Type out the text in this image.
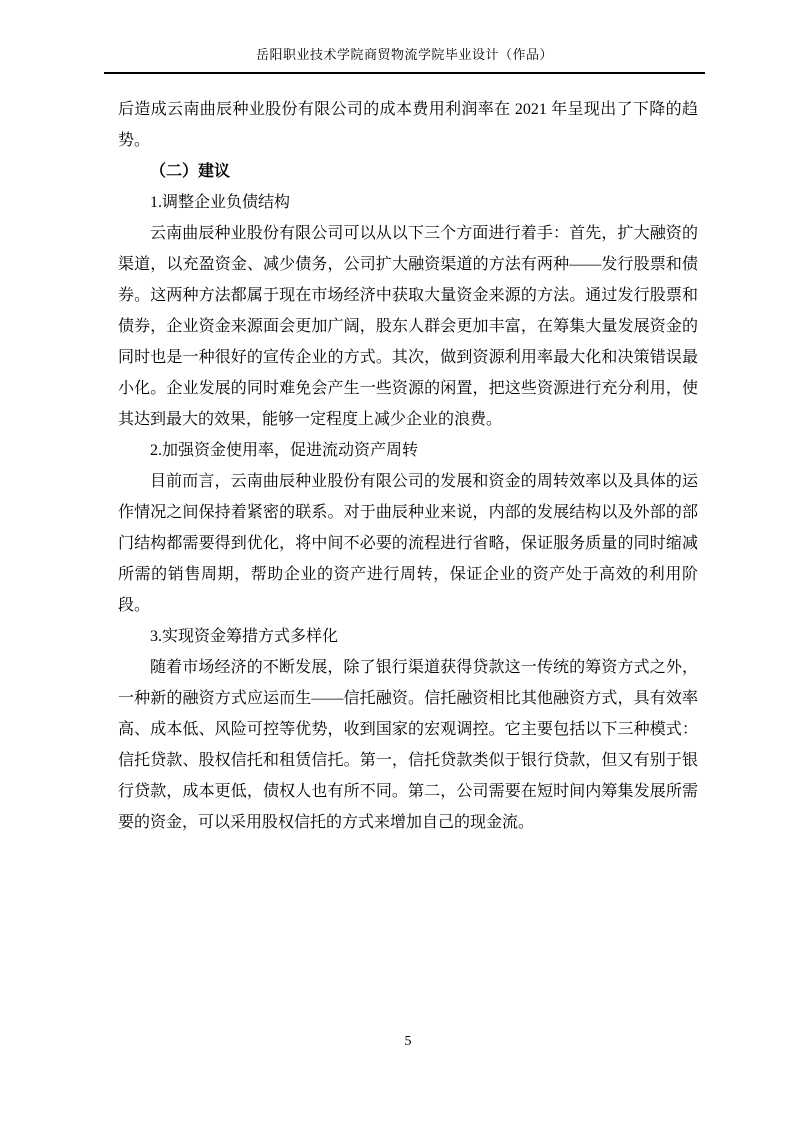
岳阳职业技术学院商贸物流学院毕业设计（作品）

后造成云南曲辰种业股份有限公司的成本费用利润率在 2021 年呈现出了下降的趋势。

（二）建议

1.调整企业负债结构

云南曲辰种业股份有限公司可以从以下三个方面进行着手：首先，扩大融资的渠道，以充盈资金、减少债务，公司扩大融资渠道的方法有两种——发行股票和债券。这两种方法都属于现在市场经济中获取大量资金来源的方法。通过发行股票和债券，企业资金来源面会更加广阔，股东人群会更加丰富，在筹集大量发展资金的同时也是一种很好的宣传企业的方式。其次，做到资源利用率最大化和决策错误最小化。企业发展的同时难免会产生一些资源的闲置，把这些资源进行充分利用，使其达到最大的效果，能够一定程度上减少企业的浪费。

2.加强资金使用率，促进流动资产周转

目前而言，云南曲辰种业股份有限公司的发展和资金的周转效率以及具体的运作情况之间保持着紧密的联系。对于曲辰种业来说，内部的发展结构以及外部的部门结构都需要得到优化，将中间不必要的流程进行省略，保证服务质量的同时缩减所需的销售周期，帮助企业的资产进行周转，保证企业的资产处于高效的利用阶段。

3.实现资金筹措方式多样化

随着市场经济的不断发展，除了银行渠道获得贷款这一传统的筹资方式之外，一种新的融资方式应运而生——信托融资。信托融资相比其他融资方式，具有效率高、成本低、风险可控等优势，收到国家的宏观调控。它主要包括以下三种模式：信托贷款、股权信托和租赁信托。第一，信托贷款类似于银行贷款，但又有别于银行贷款，成本更低，债权人也有所不同。第二，公司需要在短时间内筹集发展所需要的资金，可以采用股权信托的方式来增加自己的现金流。

5
